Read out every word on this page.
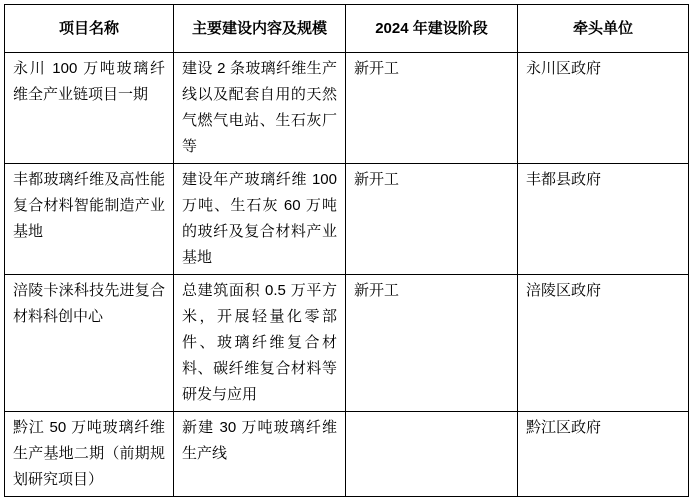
项目名称	主要建设内容及规模	2024 年建设阶段	牵头单位
永川 100 万吨玻璃纤维全产业链项目一期	建设 2 条玻璃纤维生产线以及配套自用的天然气燃气电站、生石灰厂等	新开工	永川区政府
丰都玻璃纤维及高性能复合材料智能制造产业基地	建设年产玻璃纤维 100 万吨、生石灰 60 万吨的玻纤及复合材料产业基地	新开工	丰都县政府
涪陵卡涞科技先进复合材料科创中心	总建筑面积 0.5 万平方米，开展轻量化零部件、玻璃纤维复合材料、碳纤维复合材料等研发与应用	新开工	涪陵区政府
黔江 50 万吨玻璃纤维生产基地二期（前期规划研究项目）	新建 30 万吨玻璃纤维生产线		黔江区政府
